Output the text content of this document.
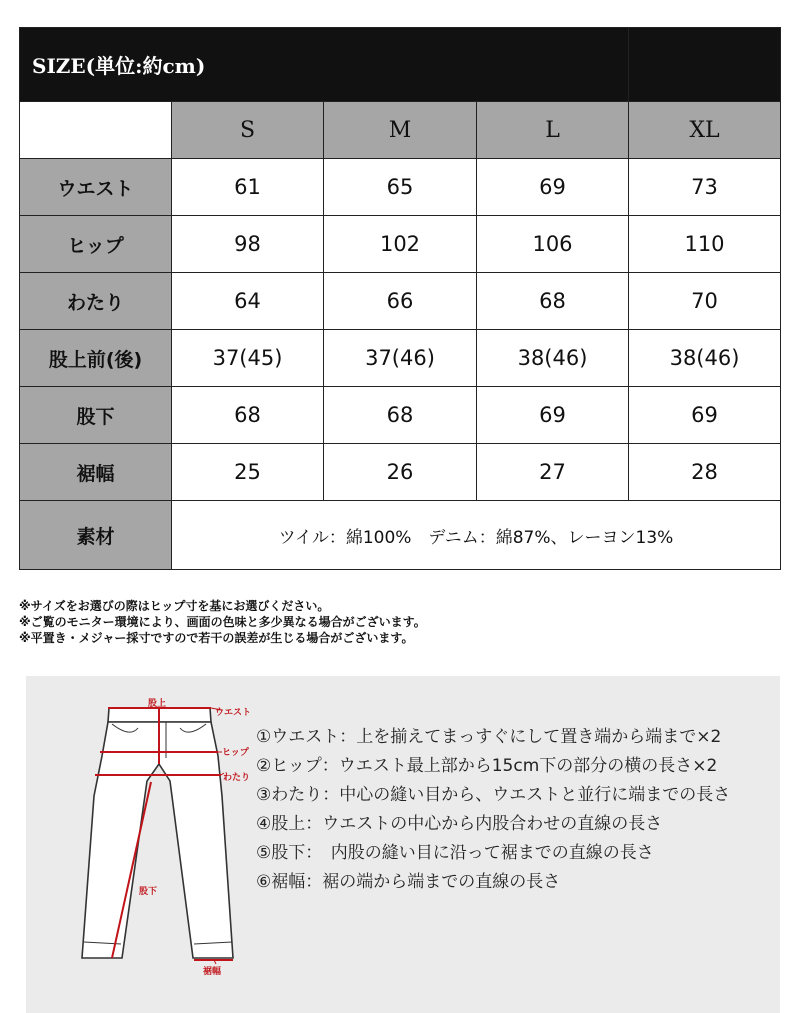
SIZE(単位:約cm)				
	S	M	L	XL
ウエスト	61	65	69	73
ヒップ	98	102	106	110
わたり	64	66	68	70
股上前(後)	37(45)	37(46)	38(46)	38(46)
股下	68	68	69	69
裾幅	25	26	27	28
素材	ツイル：綿100%　デニム：綿87%、レーヨン13%			
※サイズをお選びの際はヒップ寸を基にお選びください。
※ご覧のモニター環境により、画面の色味と多少異なる場合がございます。
※平置き・メジャー採寸ですので若干の誤差が生じる場合がございます。
股上
ウエスト
ヒップ
わたり
股下
裾幅
①ウエスト：上を揃えてまっすぐにして置き端から端まで×2
②ヒップ：ウエスト最上部から15cm下の部分の横の長さ×2
③わたり：中心の縫い目から、ウエストと並行に端までの長さ
④股上：ウエストの中心から内股合わせの直線の長さ
⑤股下：　内股の縫い目に沿って裾までの直線の長さ
⑥裾幅：裾の端から端までの直線の長さ
